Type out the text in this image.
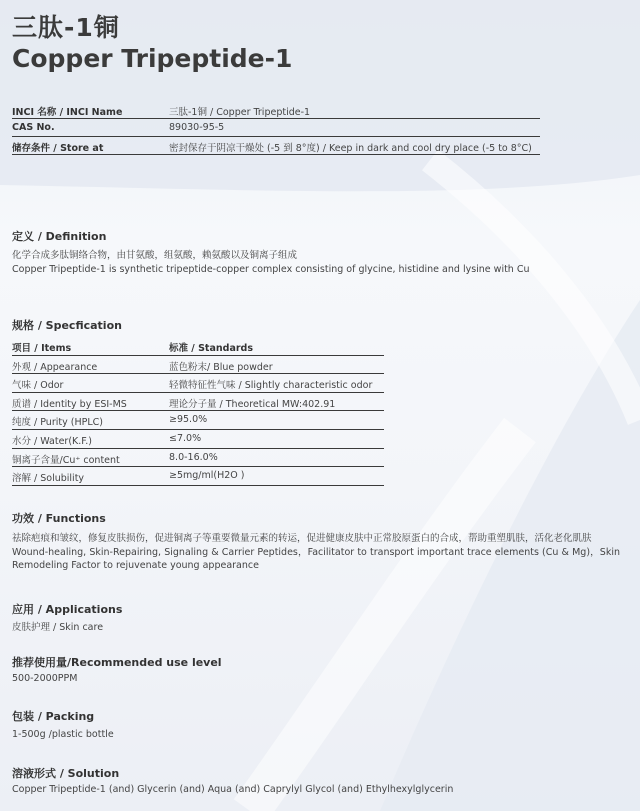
三肽-1铜
Copper Tripeptide-1
INCI 名称 / INCI Name	三肽-1铜 / Copper Tripeptide-1
CAS No.	89030-95-5
储存条件 / Store at	密封保存于阴凉干燥处 (-5 到 8°度) / Keep in dark and cool dry place (-5 to 8°C)
定义 / Definition
化学合成多肽铜络合物，由甘氨酸，组氨酸，赖氨酸以及铜离子组成
Copper Tripeptide-1 is synthetic tripeptide-copper complex consisting of glycine, histidine and lysine with Cu
规格 / Specfication
项目 / Items	标准 / Standards
外观 / Appearance	蓝色粉末/ Blue powder
气味 / Odor	轻微特征性气味 / Slightly characteristic odor
质谱 / Identity by ESI-MS	理论分子量 / Theoretical MW:402.91
纯度 / Purity (HPLC)	≥95.0%
水分 / Water(K.F.)	≤7.0%
铜离子含量/Cu⁺ content	8.0-16.0%
溶解 / Solubility	≥5mg/ml(H2O )
功效 / Functions
祛除疤痕和皱纹，修复皮肤损伤，促进铜离子等重要微量元素的转运，促进健康皮肤中正常胶原蛋白的合成，帮助重塑肌肤，活化老化肌肤
Wound-healing, Skin-Repairing, Signaling & Carrier Peptides，Facilitator to transport important trace elements (Cu & Mg)，Skin Remodeling Factor to rejuvenate young appearance
应用 / Applications
皮肤护理 / Skin care
推荐使用量/Recommended use level
500-2000PPM
包装 / Packing
1-500g /plastic bottle
溶液形式 / Solution
Copper Tripeptide-1 (and) Glycerin (and) Aqua (and) Caprylyl Glycol (and) Ethylhexylglycerin
